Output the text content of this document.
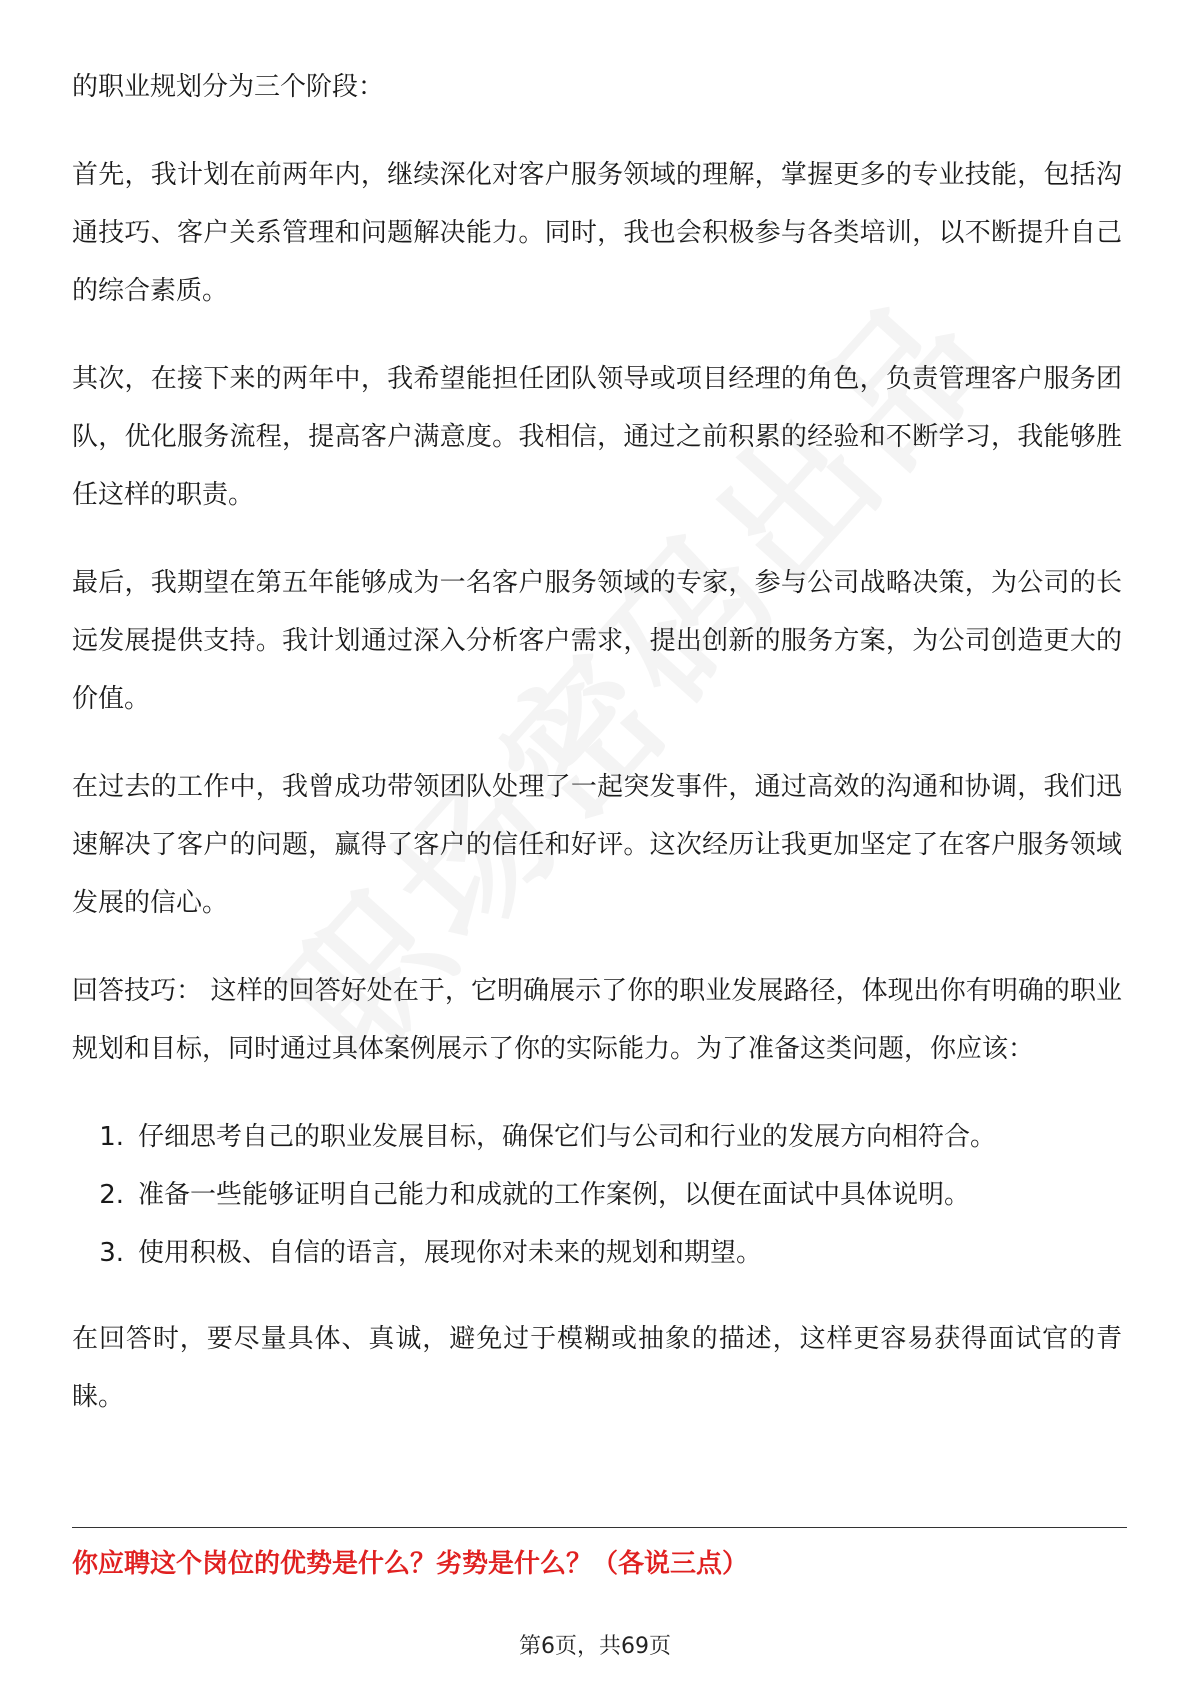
的职业规划分为三个阶段：

首先，我计划在前两年内，继续深化对客户服务领域的理解，掌握更多的专业技能，包括沟通技巧、客户关系管理和问题解决能力。同时，我也会积极参与各类培训，以不断提升自己的综合素质。

其次，在接下来的两年中，我希望能担任团队领导或项目经理的角色，负责管理客户服务团队，优化服务流程，提高客户满意度。我相信，通过之前积累的经验和不断学习，我能够胜任这样的职责。

最后，我期望在第五年能够成为一名客户服务领域的专家，参与公司战略决策，为公司的长远发展提供支持。我计划通过深入分析客户需求，提出创新的服务方案，为公司创造更大的价值。

在过去的工作中，我曾成功带领团队处理了一起突发事件，通过高效的沟通和协调，我们迅速解决了客户的问题，赢得了客户的信任和好评。这次经历让我更加坚定了在客户服务领域发展的信心。

回答技巧： 这样的回答好处在于，它明确展示了你的职业发展路径，体现出你有明确的职业规划和目标，同时通过具体案例展示了你的实际能力。为了准备这类问题，你应该：

1. 仔细思考自己的职业发展目标，确保它们与公司和行业的发展方向相符合。
2. 准备一些能够证明自己能力和成就的工作案例，以便在面试中具体说明。
3. 使用积极、自信的语言，展现你对未来的规划和期望。

在回答时，要尽量具体、真诚，避免过于模糊或抽象的描述，这样更容易获得面试官的青睐。

你应聘这个岗位的优势是什么？劣势是什么？（各说三点）
第6页，共69页
